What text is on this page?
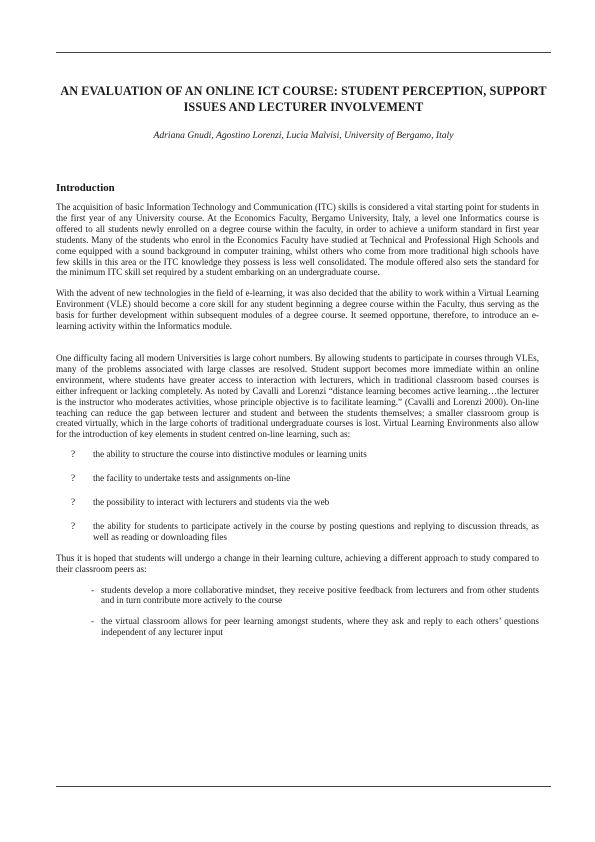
AN EVALUATION OF AN ONLINE ICT COURSE: STUDENT PERCEPTION, SUPPORT ISSUES AND LECTURER INVOLVEMENT
Adriana Gnudi, Agostino Lorenzi, Lucia Malvisi, University of Bergamo, Italy
Introduction

The acquisition of basic Information Technology and Communication (ITC) skills is considered a vital starting point for students in the first year of any University course. At the Economics Faculty, Bergamo University, Italy, a level one Informatics course is offered to all students newly enrolled on a degree course within the faculty, in order to achieve a uniform standard in first year students. Many of the students who enrol in the Economics Faculty have studied at Technical and Professional High Schools and come equipped with a sound background in computer training, whilst others who come from more traditional high schools have few skills in this area or the ITC knowledge they possess is less well consolidated. The module offered also sets the standard for the minimum ITC skill set required by a student embarking on an undergraduate course.

With the advent of new technologies in the field of e-learning, it was also decided that the ability to work within a Virtual Learning Environment (VLE) should become a core skill for any student beginning a degree course within the Faculty, thus serving as the basis for further development within subsequent modules of a degree course. It seemed opportune, therefore, to introduce an e-learning activity within the Informatics module.

One difficulty facing all modern Universities is large cohort numbers. By allowing students to participate in courses through VLEs, many of the problems associated with large classes are resolved. Student support becomes more immediate within an online environment, where students have greater access to interaction with lecturers, which in traditional classroom based courses is either infrequent or lacking completely. As noted by Cavalli and Lorenzi “distance learning becomes active learning…the lecturer is the instructor who moderates activities, whose principle objective is to facilitate learning.” (Cavalli and Lorenzi 2000). On-line teaching can reduce the gap between lecturer and student and between the students themselves; a smaller classroom group is created virtually, which in the large cohorts of traditional undergraduate courses is lost. Virtual Learning Environments also allow for the introduction of key elements in student centred on-line learning, such as:

? the ability to structure the course into distinctive modules or learning units
? the facility to undertake tests and assignments on-line
? the possibility to interact with lecturers and students via the web
? the ability for students to participate actively in the course by posting questions and replying to discussion threads, as well as reading or downloading files

Thus it is hoped that students will undergo a change in their learning culture, achieving a different approach to study compared to their classroom peers as:

- students develop a more collaborative mindset, they receive positive feedback from lecturers and from other students and in turn contribute more actively to the course
- the virtual classroom allows for peer learning amongst students, where they ask and reply to each others’ questions independent of any lecturer input
